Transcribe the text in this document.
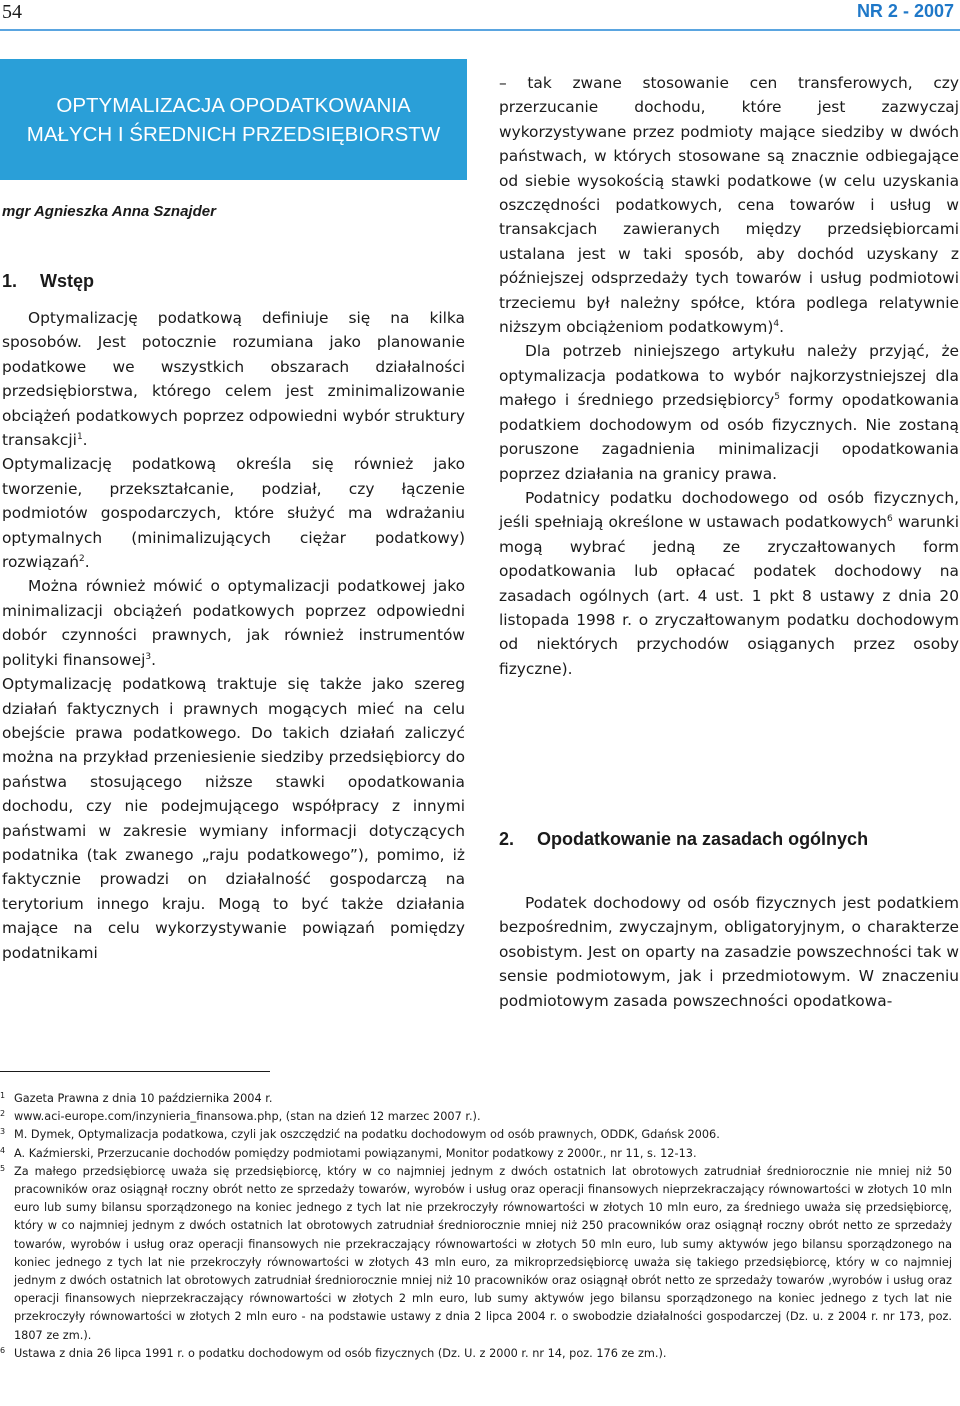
54	NR 2 - 2007
OPTYMALIZACJA OPODATKOWANIA MAŁYCH I ŚREDNICH PRZEDSIĘBIORSTW
mgr Agnieszka Anna Sznajder
1. Wstęp

Optymalizację podatkową definiuje się na kilka sposobów. Jest potocznie rozumiana jako planowanie podatkowe we wszystkich obszarach działalności przedsiębiorstwa, którego celem jest zminimalizowanie obciążeń podatkowych poprzez odpowiedni wybór struktury transakcji$^1$.

Optymalizację podatkową określa się również jako tworzenie, przekształcanie, podział, czy łączenie podmiotów gospodarczych, które służyć ma wdrażaniu optymalnych (minimalizujących ciężar podatkowy) rozwiązań$^2$.

Można również mówić o optymalizacji podatkowej jako minimalizacji obciążeń podatkowych poprzez odpowiedni dobór czynności prawnych, jak również instrumentów polityki finansowej$^3$.

Optymalizację podatkową traktuje się także jako szereg działań faktycznych i prawnych mogących mieć na celu obejście prawa podatkowego. Do takich działań zaliczyć można na przykład przeniesienie siedziby przedsiębiorcy do państwa stosującego niższe stawki opodatkowania dochodu, czy nie podejmującego współpracy z innymi państwami w zakresie wymiany informacji dotyczących podatnika (tak zwanego „raju podatkowego”), pomimo, iż faktycznie prowadzi on działalność gospodarczą na terytorium innego kraju. Mogą to być także działania mające na celu wykorzystywanie powiązań pomiędzy podatnikami

– tak zwane stosowanie cen transferowych, czy przerzucanie dochodu, które jest zazwyczaj wykorzystywane przez podmioty mające siedziby w dwóch państwach, w których stosowane są znacznie odbiegające od siebie wysokością stawki podatkowe (w celu uzyskania oszczędności podatkowych, cena towarów i usług w transakcjach zawieranych między przedsiębiorcami ustalana jest w taki sposób, aby dochód uzyskany z późniejszej odsprzedaży tych towarów i usług podmiotowi trzeciemu był należny spółce, która podlega relatywnie niższym obciążeniom podatkowym)$^4$.

Dla potrzeb niniejszego artykułu należy przyjąć, że optymalizacja podatkowa to wybór najkorzystniejszej dla małego i średniego przedsiębiorcy$^5$ formy opodatkowania podatkiem dochodowym od osób fizycznych. Nie zostaną poruszone zagadnienia minimalizacji opodatkowania poprzez działania na granicy prawa.

Podatnicy podatku dochodowego od osób fizycznych, jeśli spełniają określone w ustawach podatkowych$^6$ warunki mogą wybrać jedną ze zryczałtowanych form opodatkowania lub opłacać podatek dochodowy na zasadach ogólnych (art. 4 ust. 1 pkt 8 ustawy z dnia 20 listopada 1998 r. o zryczałtowanym podatku dochodowym od niektórych przychodów osiąganych przez osoby fizyczne).

2. Opodatkowanie na zasadach ogólnych

Podatek dochodowy od osób fizycznych jest podatkiem bezpośrednim, zwyczajnym, obligatoryjnym, o charakterze osobistym. Jest on oparty na zasadzie powszechności tak w sensie podmiotowym, jak i przedmiotowym. W znaczeniu podmiotowym zasada powszechności opodatkowa-

1 Gazeta Prawna z dnia 10 października 2004 r.
2 www.aci-europe.com/inzynieria_finansowa.php, (stan na dzień 12 marzec 2007 r.).
3 M. Dymek, Optymalizacja podatkowa, czyli jak oszczędzić na podatku dochodowym od osób prawnych, ODDK, Gdańsk 2006.
4 A. Kaźmierski, Przerzucanie dochodów pomiędzy podmiotami powiązanymi, Monitor podatkowy z 2000r., nr 11, s. 12-13.
5 Za małego przedsiębiorcę uważa się przedsiębiorcę, który w co najmniej jednym z dwóch ostatnich lat obrotowych zatrudniał średniorocznie nie mniej niż 50 pracowników oraz osiągnął roczny obrót netto ze sprzedaży towarów, wyrobów i usług oraz operacji finansowych nieprzekraczający równowartości w złotych 10 mln euro lub sumy bilansu sporządzonego na koniec jednego z tych lat nie przekroczyły równowartości w złotych 10 mln euro, za średniego uważa się przedsiębiorcę, który w co najmniej jednym z dwóch ostatnich lat obrotowych zatrudniał średniorocznie mniej niż 250 pracowników oraz osiągnął roczny obrót netto ze sprzedaży towarów, wyrobów i usług oraz operacji finansowych nie przekraczający równowartości w złotych 50 mln euro, lub sumy aktywów jego bilansu sporządzonego na koniec jednego z tych lat nie przekroczyły równowartości w złotych 43 mln euro, za mikroprzedsiębiorcę uważa się takiego przedsiębiorcę, który w co najmniej jednym z dwóch ostatnich lat obrotowych zatrudniał średniorocznie mniej niż 10 pracowników oraz osiągnął obrót netto ze sprzedaży towarów ,wyrobów i usług oraz operacji finansowych nieprzekraczający równowartości w złotych 2 mln euro, lub sumy aktywów jego bilansu sporządzonego na koniec jednego z tych lat nie przekroczyły równowartości w złotych 2 mln euro - na podstawie ustawy z dnia 2 lipca 2004 r. o swobodzie działalności gospodarczej (Dz. u. z 2004 r. nr 173, poz. 1807 ze zm.).
6 Ustawa z dnia 26 lipca 1991 r. o podatku dochodowym od osób fizycznych (Dz. U. z 2000 r. nr 14, poz. 176 ze zm.).
